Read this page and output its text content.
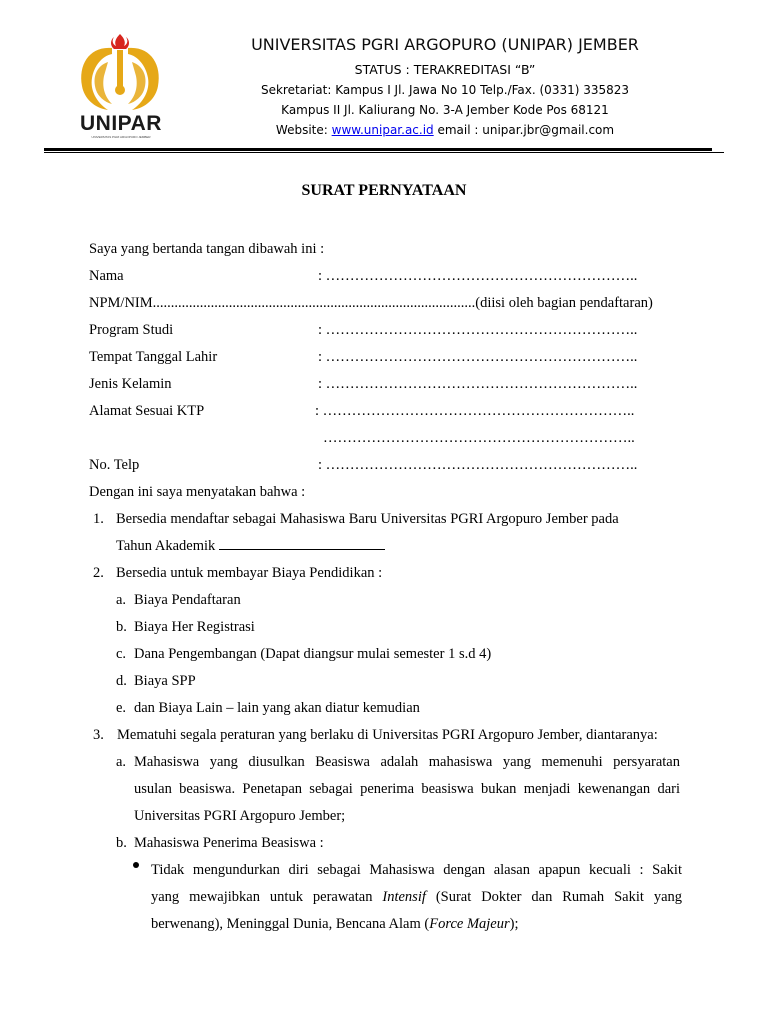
UNIPAR
UNIVERSITAS PGRI ARGOPURO JEMBER
UNIVERSITAS PGRI ARGOPURO (UNIPAR) JEMBER
STATUS : TERAKREDITASI “B”
Sekretariat: Kampus I Jl. Jawa No 10 Telp./Fax. (0331) 335823
Kampus II Jl. Kaliurang No. 3-A Jember Kode Pos 68121
Website: www.unipar.ac.id email : unipar.jbr@gmail.com
SURAT PERNYATAAN
Saya yang bertanda tangan dibawah ini :
Nama	: ………………………………………………………..
NPM/NIM.........................................................................................(diisi oleh bagian pendaftaran)
Program Studi	: ………………………………………………………..
Tempat Tanggal Lahir	: ………………………………………………………..
Jenis Kelamin	: ………………………………………………………..
Alamat Sesuai KTP	: ………………………………………………………..
………………………………………………………..
No. Telp	: ………………………………………………………..
Dengan ini saya menyatakan bahwa :
1. Bersedia mendaftar sebagai Mahasiswa Baru Universitas PGRI Argopuro Jember pada
Tahun Akademik
2. Bersedia untuk membayar Biaya Pendidikan :
a. Biaya Pendaftaran
b. Biaya Her Registrasi
c. Dana Pengembangan (Dapat diangsur mulai semester 1 s.d 4)
d. Biaya SPP
e. dan Biaya Lain – lain yang akan diatur kemudian
3. Mematuhi segala peraturan yang berlaku di Universitas PGRI Argopuro Jember, diantaranya:
a. Mahasiswa yang diusulkan Beasiswa adalah mahasiswa yang memenuhi persyaratan
usulan beasiswa. Penetapan sebagai penerima beasiswa bukan menjadi kewenangan dari
Universitas PGRI Argopuro Jember;
b. Mahasiswa Penerima Beasiswa :
Tidak mengundurkan diri sebagai Mahasiswa dengan alasan apapun kecuali : Sakit
yang mewajibkan untuk perawatan Intensif (Surat Dokter dan Rumah Sakit yang
berwenang), Meninggal Dunia, Bencana Alam (Force Majeur);
